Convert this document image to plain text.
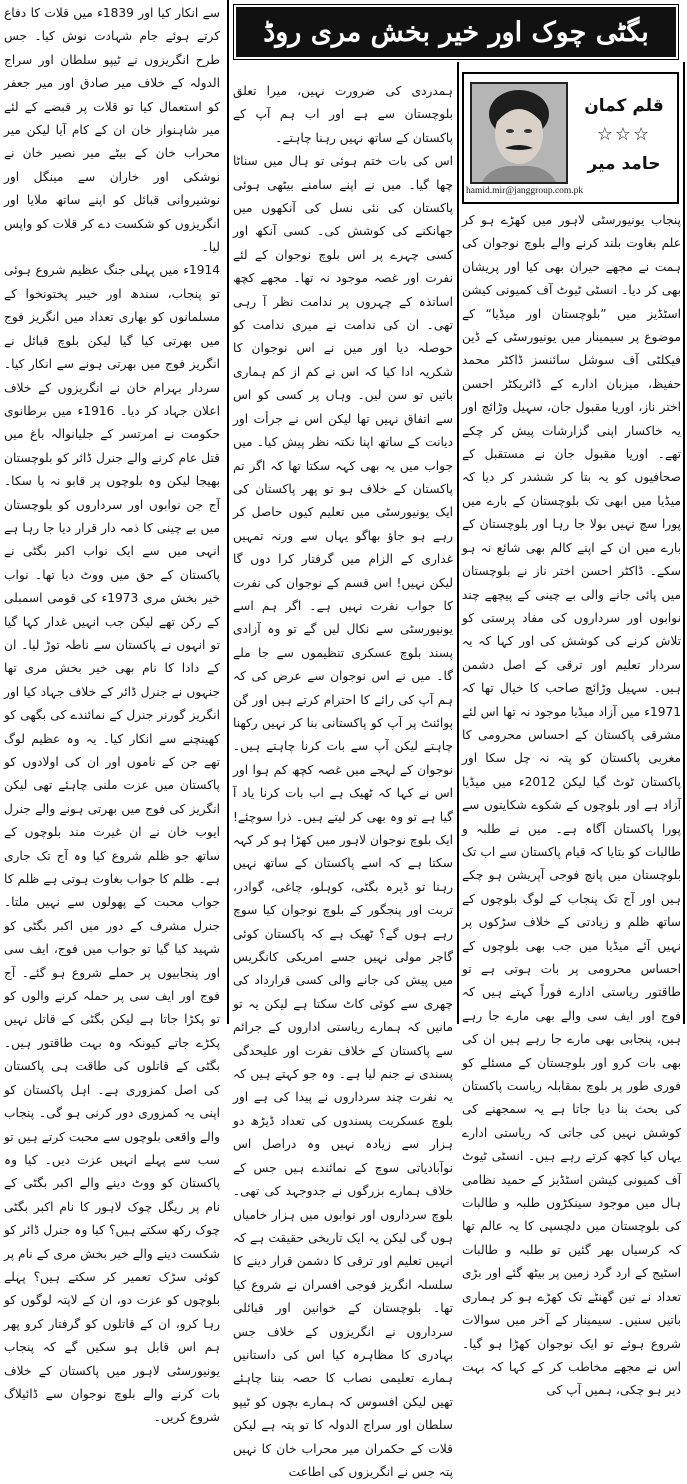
بگٹی چوک اور خیر بخش مری روڈ
قلم کمان
☆☆☆
حامد میر
hamid.mir@janggroup.com.pk

پنجاب یونیورسٹی لاہور میں کھڑے ہو کر علم بغاوت بلند کرنے والے بلوچ نوجوان کی ہمت نے مجھے حیران بھی کیا اور پریشان بھی کر دیا۔ انسٹی ٹیوٹ آف کمیونی کیشن اسٹڈیز میں ”بلوچستان اور میڈیا“ کے موضوع پر سیمینار میں یونیورسٹی کے ڈین فیکلٹی آف سوشل سائنسز ڈاکٹر محمد حفیظ، میزبان ادارے کے ڈائریکٹر احسن اختر ناز، اوریا مقبول جان، سہیل وڑائچ اور یہ خاکسار اپنی گزارشات پیش کر چکے تھے۔ اوریا مقبول جان نے مستقبل کے صحافیوں کو یہ بتا کر ششدر کر دیا کہ میڈیا میں ابھی تک بلوچستان کے بارے میں پورا سچ نہیں بولا جا رہا اور بلوچستان کے بارے میں ان کے اپنے کالم بھی شائع نہ ہو سکے۔ ڈاکٹر احسن اختر ناز نے بلوچستان میں پائی جانے والی بے چینی کے پیچھے چند نوابوں اور سرداروں کی مفاد پرستی کو تلاش کرنے کی کوشش کی اور کہا کہ یہ سردار تعلیم اور ترقی کے اصل دشمن ہیں۔ سہیل وڑائچ صاحب کا خیال تھا کہ 1971ء میں آزاد میڈیا موجود نہ تھا اس لئے مشرقی پاکستان کے احساس محرومی کا مغربی پاکستان کو پتہ نہ چل سکا اور پاکستان ٹوٹ گیا لیکن 2012ء میں میڈیا آزاد ہے اور بلوچوں کے شکوے شکایتوں سے پورا پاکستان آگاہ ہے۔ میں نے طلبہ و طالبات کو بتایا کہ قیام پاکستان سے اب تک بلوچستان میں پانچ فوجی آپریشن ہو چکے ہیں اور آج تک پنجاب کے لوگ بلوچوں کے ساتھ ظلم و زیادتی کے خلاف سڑکوں پر نہیں آئے میڈیا میں جب بھی بلوچوں کے احساس محرومی پر بات ہوتی ہے تو طاقتور ریاستی ادارے فوراً کہتے ہیں کہ فوج اور ایف سی والے بھی مارے جا رہے ہیں، پنجابی بھی مارے جا رہے ہیں ان کی بھی بات کرو اور بلوچستان کے مسئلے کو فوری طور پر بلوچ بمقابلہ ریاست پاکستان کی بحث بنا دیا جاتا ہے یہ سمجھنے کی کوشش نہیں کی جاتی کہ ریاستی ادارے یہاں کیا کچھ کرتے رہے ہیں۔ انسٹی ٹیوٹ آف کمیونی کیشن اسٹڈیز کے حمید نظامی ہال میں موجود سینکڑوں طلبہ و طالبات کی بلوچستان میں دلچسپی کا یہ عالم تھا کہ کرسیاں بھر گئیں تو طلبہ و طالبات اسٹیج کے ارد گرد زمین پر بیٹھ گئے اور بڑی تعداد نے تین گھنٹے تک کھڑے ہو کر ہماری باتیں سنیں۔ سیمینار کے آخر میں سوالات شروع ہوئے تو ایک نوجوان کھڑا ہو گیا۔ اس نے مجھے مخاطب کر کے کہا کہ بہت دیر ہو چکی، ہمیں آپ کی

ہمدردی کی ضرورت نہیں، میرا تعلق بلوچستان سے ہے اور اب ہم آپ کے پاکستان کے ساتھ نہیں رہنا چاہتے۔

اس کی بات ختم ہوئی تو ہال میں سناٹا چھا گیا۔ میں نے اپنے سامنے بیٹھی ہوئی پاکستان کی نئی نسل کی آنکھوں میں جھانکنے کی کوشش کی۔ کسی آنکھ اور کسی چہرے پر اس بلوچ نوجوان کے لئے نفرت اور غصہ موجود نہ تھا۔ مجھے کچھ اساتذہ کے چہروں پر ندامت نظر آ رہی تھی۔ ان کی ندامت نے میری ندامت کو حوصلہ دیا اور میں نے اس نوجوان کا شکریہ ادا کیا کہ اس نے کم از کم ہماری باتیں تو سن لیں۔ وہاں پر کسی کو اس سے اتفاق نہیں تھا لیکن اس نے جرأت اور دیانت کے ساتھ اپنا نکتہ نظر پیش کیا۔ میں جواب میں یہ بھی کہہ سکتا تھا کہ اگر تم پاکستان کے خلاف ہو تو پھر پاکستان کی ایک یونیورسٹی میں تعلیم کیوں حاصل کر رہے ہو جاؤ بھاگو یہاں سے ورنہ تمہیں غداری کے الزام میں گرفتار کرا دوں گا لیکن نہیں! اس قسم کے نوجوان کی نفرت کا جواب نفرت نہیں ہے۔ اگر ہم اسے یونیورسٹی سے نکال لیں گے تو وہ آزادی پسند بلوچ عسکری تنظیموں سے جا ملے گا۔ میں نے اس نوجوان سے عرض کی کہ ہم آپ کی رائے کا احترام کرتے ہیں اور گن پوائنٹ پر آپ کو پاکستانی بنا کر نہیں رکھنا چاہتے لیکن آپ سے بات کرنا چاہتے ہیں۔ نوجوان کے لہجے میں غصہ کچھ کم ہوا اور اس نے کہا کہ ٹھیک ہے اب بات کرنا یاد آ گیا ہے تو وہ بھی کر لیتے ہیں۔ ذرا سوچئے! ایک بلوچ نوجوان لاہور میں کھڑا ہو کر کہہ سکتا ہے کہ اسے پاکستان کے ساتھ نہیں رہنا تو ڈیرہ بگٹی، کوہلو، چاغی، گوادر، تربت اور پنجگور کے بلوچ نوجوان کیا سوچ رہے ہوں گے؟ ٹھیک ہے کہ پاکستان کوئی گاجر مولی نہیں جسے امریکی کانگریس میں پیش کی جانے والی کسی قرارداد کی چھری سے کوئی کاٹ سکتا ہے لیکن یہ تو مانیں کہ ہمارے ریاستی اداروں کے جرائم سے پاکستان کے خلاف نفرت اور علیحدگی پسندی نے جنم لیا ہے۔ وہ جو کہتے ہیں کہ یہ نفرت چند سرداروں نے پیدا کی ہے اور بلوچ عسکریت پسندوں کی تعداد ڈیڑھ دو ہزار سے زیادہ نہیں وہ دراصل اس نوآبادیاتی سوچ کے نمائندے ہیں جس کے خلاف ہمارے بزرگوں نے جدوجہد کی تھی۔ بلوچ سرداروں اور نوابوں میں ہزار خامیاں ہوں گی لیکن یہ ایک تاریخی حقیقت ہے کہ انہیں تعلیم اور ترقی کا دشمن قرار دینے کا سلسلہ انگریز فوجی افسران نے شروع کیا تھا۔ بلوچستان کے خوانین اور قبائلی سرداروں نے انگریزوں کے خلاف جس بہادری کا مظاہرہ کیا اس کی داستانیں ہمارے تعلیمی نصاب کا حصہ بننا چاہئے تھیں لیکن افسوس کہ ہمارے بچوں کو ٹیپو سلطان اور سراج الدولہ کا تو پتہ ہے لیکن قلات کے حکمران میر محراب خان کا نہیں پتہ جس نے انگریزوں کی اطاعت

سے انکار کیا اور 1839ء میں قلات کا دفاع کرتے ہوئے جام شہادت نوش کیا۔ جس طرح انگریزوں نے ٹیپو سلطان اور سراج الدولہ کے خلاف میر صادق اور میر جعفر کو استعمال کیا تو قلات پر قبضے کے لئے میر شاہنواز خان ان کے کام آیا لیکن میر محراب خان کے بیٹے میر نصیر خان نے نوشکی اور خاران سے مینگل اور نوشیروانی قبائل کو اپنے ساتھ ملایا اور انگریزوں کو شکست دے کر قلات کو واپس لیا۔

1914ء میں پہلی جنگ عظیم شروع ہوئی تو پنجاب، سندھ اور خیبر پختونخوا کے مسلمانوں کو بھاری تعداد میں انگریز فوج میں بھرتی کیا گیا لیکن بلوچ قبائل نے انگریز فوج میں بھرتی ہونے سے انکار کیا۔ سردار بہرام خان نے انگریزوں کے خلاف اعلان جہاد کر دیا۔ 1916ء میں برطانوی حکومت نے امرتسر کے جلیانوالہ باغ میں قتل عام کرنے والے جنرل ڈائر کو بلوچستان بھیجا لیکن وہ بلوچوں پر قابو نہ پا سکا۔ آج جن نوابوں اور سرداروں کو بلوچستان میں بے چینی کا ذمہ دار قرار دیا جا رہا ہے انہی میں سے ایک نواب اکبر بگٹی نے پاکستان کے حق میں ووٹ دیا تھا۔ نواب خیر بخش مری 1973ء کی قومی اسمبلی کے رکن تھے لیکن جب انہیں غدار کہا گیا تو انہوں نے پاکستان سے ناطہ توڑ لیا۔ ان کے دادا کا نام بھی خیر بخش مری تھا جنہوں نے جنرل ڈائر کے خلاف جہاد کیا اور انگریز گورنر جنرل کے نمائندے کی بگھی کو کھینچنے سے انکار کیا۔ یہ وہ عظیم لوگ تھے جن کے ناموں اور ان کی اولادوں کو پاکستان میں عزت ملنی چاہئے تھی لیکن انگریز کی فوج میں بھرتی ہونے والے جنرل ایوب خان نے ان غیرت مند بلوچوں کے ساتھ جو ظلم شروع کیا وہ آج تک جاری ہے۔ ظلم کا جواب بغاوت ہوتی ہے ظلم کا جواب محبت کے پھولوں سے نہیں ملتا۔ جنرل مشرف کے دور میں اکبر بگٹی کو شہید کیا گیا تو جواب میں فوج، ایف سی اور پنجابیوں پر حملے شروع ہو گئے۔ آج فوج اور ایف سی پر حملہ کرنے والوں کو تو پکڑا جاتا ہے لیکن بگٹی کے قاتل نہیں پکڑے جاتے کیونکہ وہ بہت طاقتور ہیں۔ بگٹی کے قاتلوں کی طاقت ہی پاکستان کی اصل کمزوری ہے۔ اہل پاکستان کو اپنی یہ کمزوری دور کرنی ہو گی۔ پنجاب والے واقعی بلوچوں سے محبت کرتے ہیں تو سب سے پہلے انہیں عزت دیں۔ کیا وہ پاکستان کو ووٹ دینے والے اکبر بگٹی کے نام پر ریگل چوک لاہور کا نام اکبر بگٹی چوک رکھ سکتے ہیں؟ کیا وہ جنرل ڈائر کو شکست دینے والے خیر بخش مری کے نام پر کوئی سڑک تعمیر کر سکتے ہیں؟ پہلے بلوچوں کو عزت دو، ان کے لاپتہ لوگوں کو رہا کرو، ان کے قاتلوں کو گرفتار کرو پھر ہم اس قابل ہو سکیں گے کہ پنجاب یونیورسٹی لاہور میں پاکستان کے خلاف بات کرنے والے بلوچ نوجوان سے ڈائیلاگ شروع کریں۔
